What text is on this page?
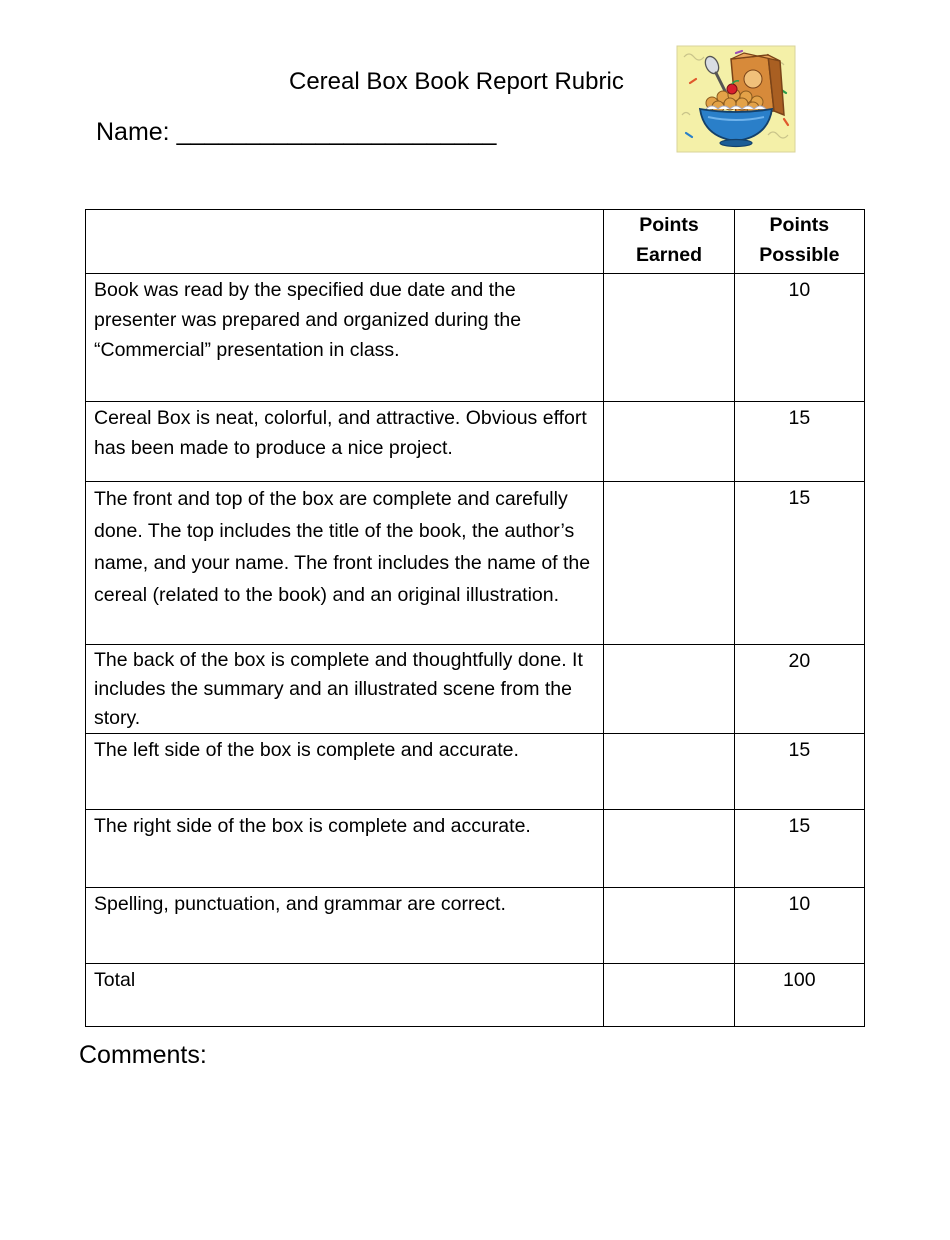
Cereal Box Book Report Rubric
Name: _______________________
	Points Earned	Points Possible
Book was read by the specified due date and the presenter was prepared and organized during the “Commercial” presentation in class.		10
Cereal Box is neat, colorful, and attractive. Obvious effort has been made to produce a nice project.		15
The front and top of the box are complete and carefully done. The top includes the title of the book, the author’s name, and your name. The front includes the name of the cereal (related to the book) and an original illustration.		15
The back of the box is complete and thoughtfully done. It includes the summary and an illustrated scene from the story.		20
The left side of the box is complete and accurate.		15
The right side of the box is complete and accurate.		15
Spelling, punctuation, and grammar are correct.		10
Total		100
Comments:
